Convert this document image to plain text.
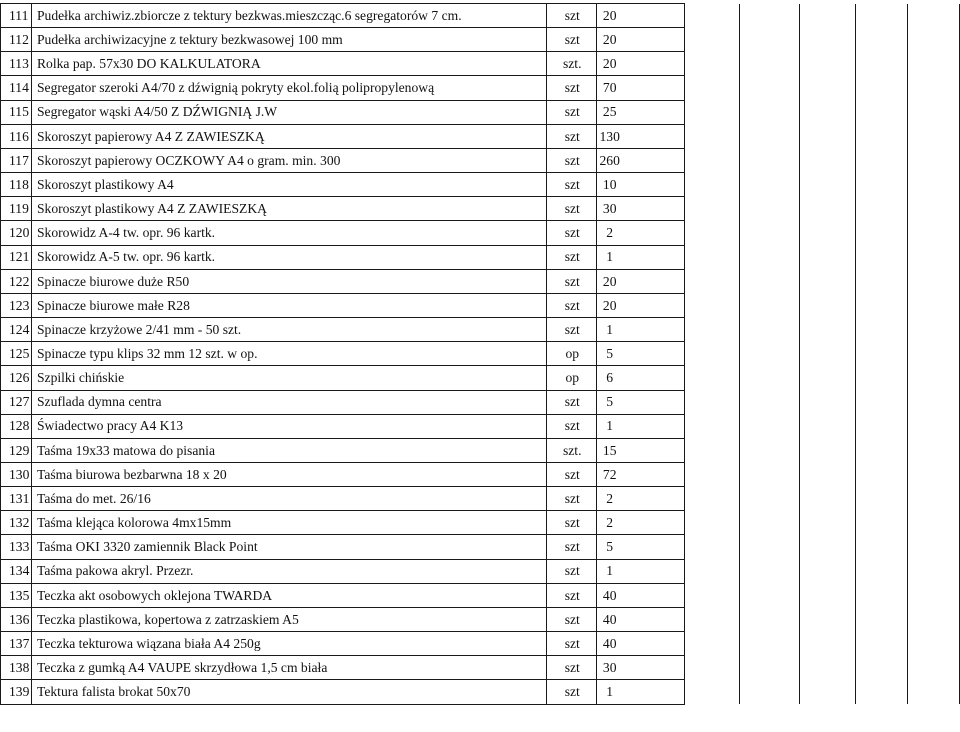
111	Pudełka archiwiz.zbiorcze z tektury bezkwas.mieszcząc.6 segregatorów 7 cm.	szt	20					
112	Pudełka archiwizacyjne z tektury bezkwasowej 100 mm	szt	20					
113	Rolka pap. 57x30 DO KALKULATORA	szt.	20					
114	Segregator szeroki A4/70 z dźwignią pokryty ekol.folią polipropylenową	szt	70					
115	Segregator wąski A4/50 Z DŹWIGNIĄ J.W	szt	25					
116	Skoroszyt papierowy A4 Z ZAWIESZKĄ	szt	130					
117	Skoroszyt papierowy OCZKOWY A4 o gram. min. 300	szt	260					
118	Skoroszyt plastikowy A4	szt	10					
119	Skoroszyt plastikowy A4 Z ZAWIESZKĄ	szt	30					
120	Skorowidz A-4 tw. opr. 96 kartk.	szt	2					
121	Skorowidz A-5 tw. opr. 96 kartk.	szt	1					
122	Spinacze biurowe duże R50	szt	20					
123	Spinacze biurowe małe R28	szt	20					
124	Spinacze krzyżowe 2/41 mm - 50 szt.	szt	1					
125	Spinacze typu klips 32 mm 12 szt. w op.	op	5					
126	Szpilki chińskie	op	6					
127	Szuflada dymna centra	szt	5					
128	Świadectwo pracy A4 K13	szt	1					
129	Taśma 19x33 matowa do pisania	szt.	15					
130	Taśma biurowa bezbarwna 18 x 20	szt	72					
131	Taśma do met. 26/16	szt	2					
132	Taśma klejąca kolorowa 4mx15mm	szt	2					
133	Taśma OKI 3320 zamiennik Black Point	szt	5					
134	Taśma pakowa akryl. Przezr.	szt	1					
135	Teczka akt osobowych oklejona TWARDA	szt	40					
136	Teczka plastikowa, kopertowa z zatrzaskiem A5	szt	40					
137	Teczka tekturowa wiązana biała A4 250g	szt	40					
138	Teczka z gumką A4 VAUPE skrzydłowa 1,5 cm biała	szt	30					
139	Tektura falista brokat 50x70	szt	1					
